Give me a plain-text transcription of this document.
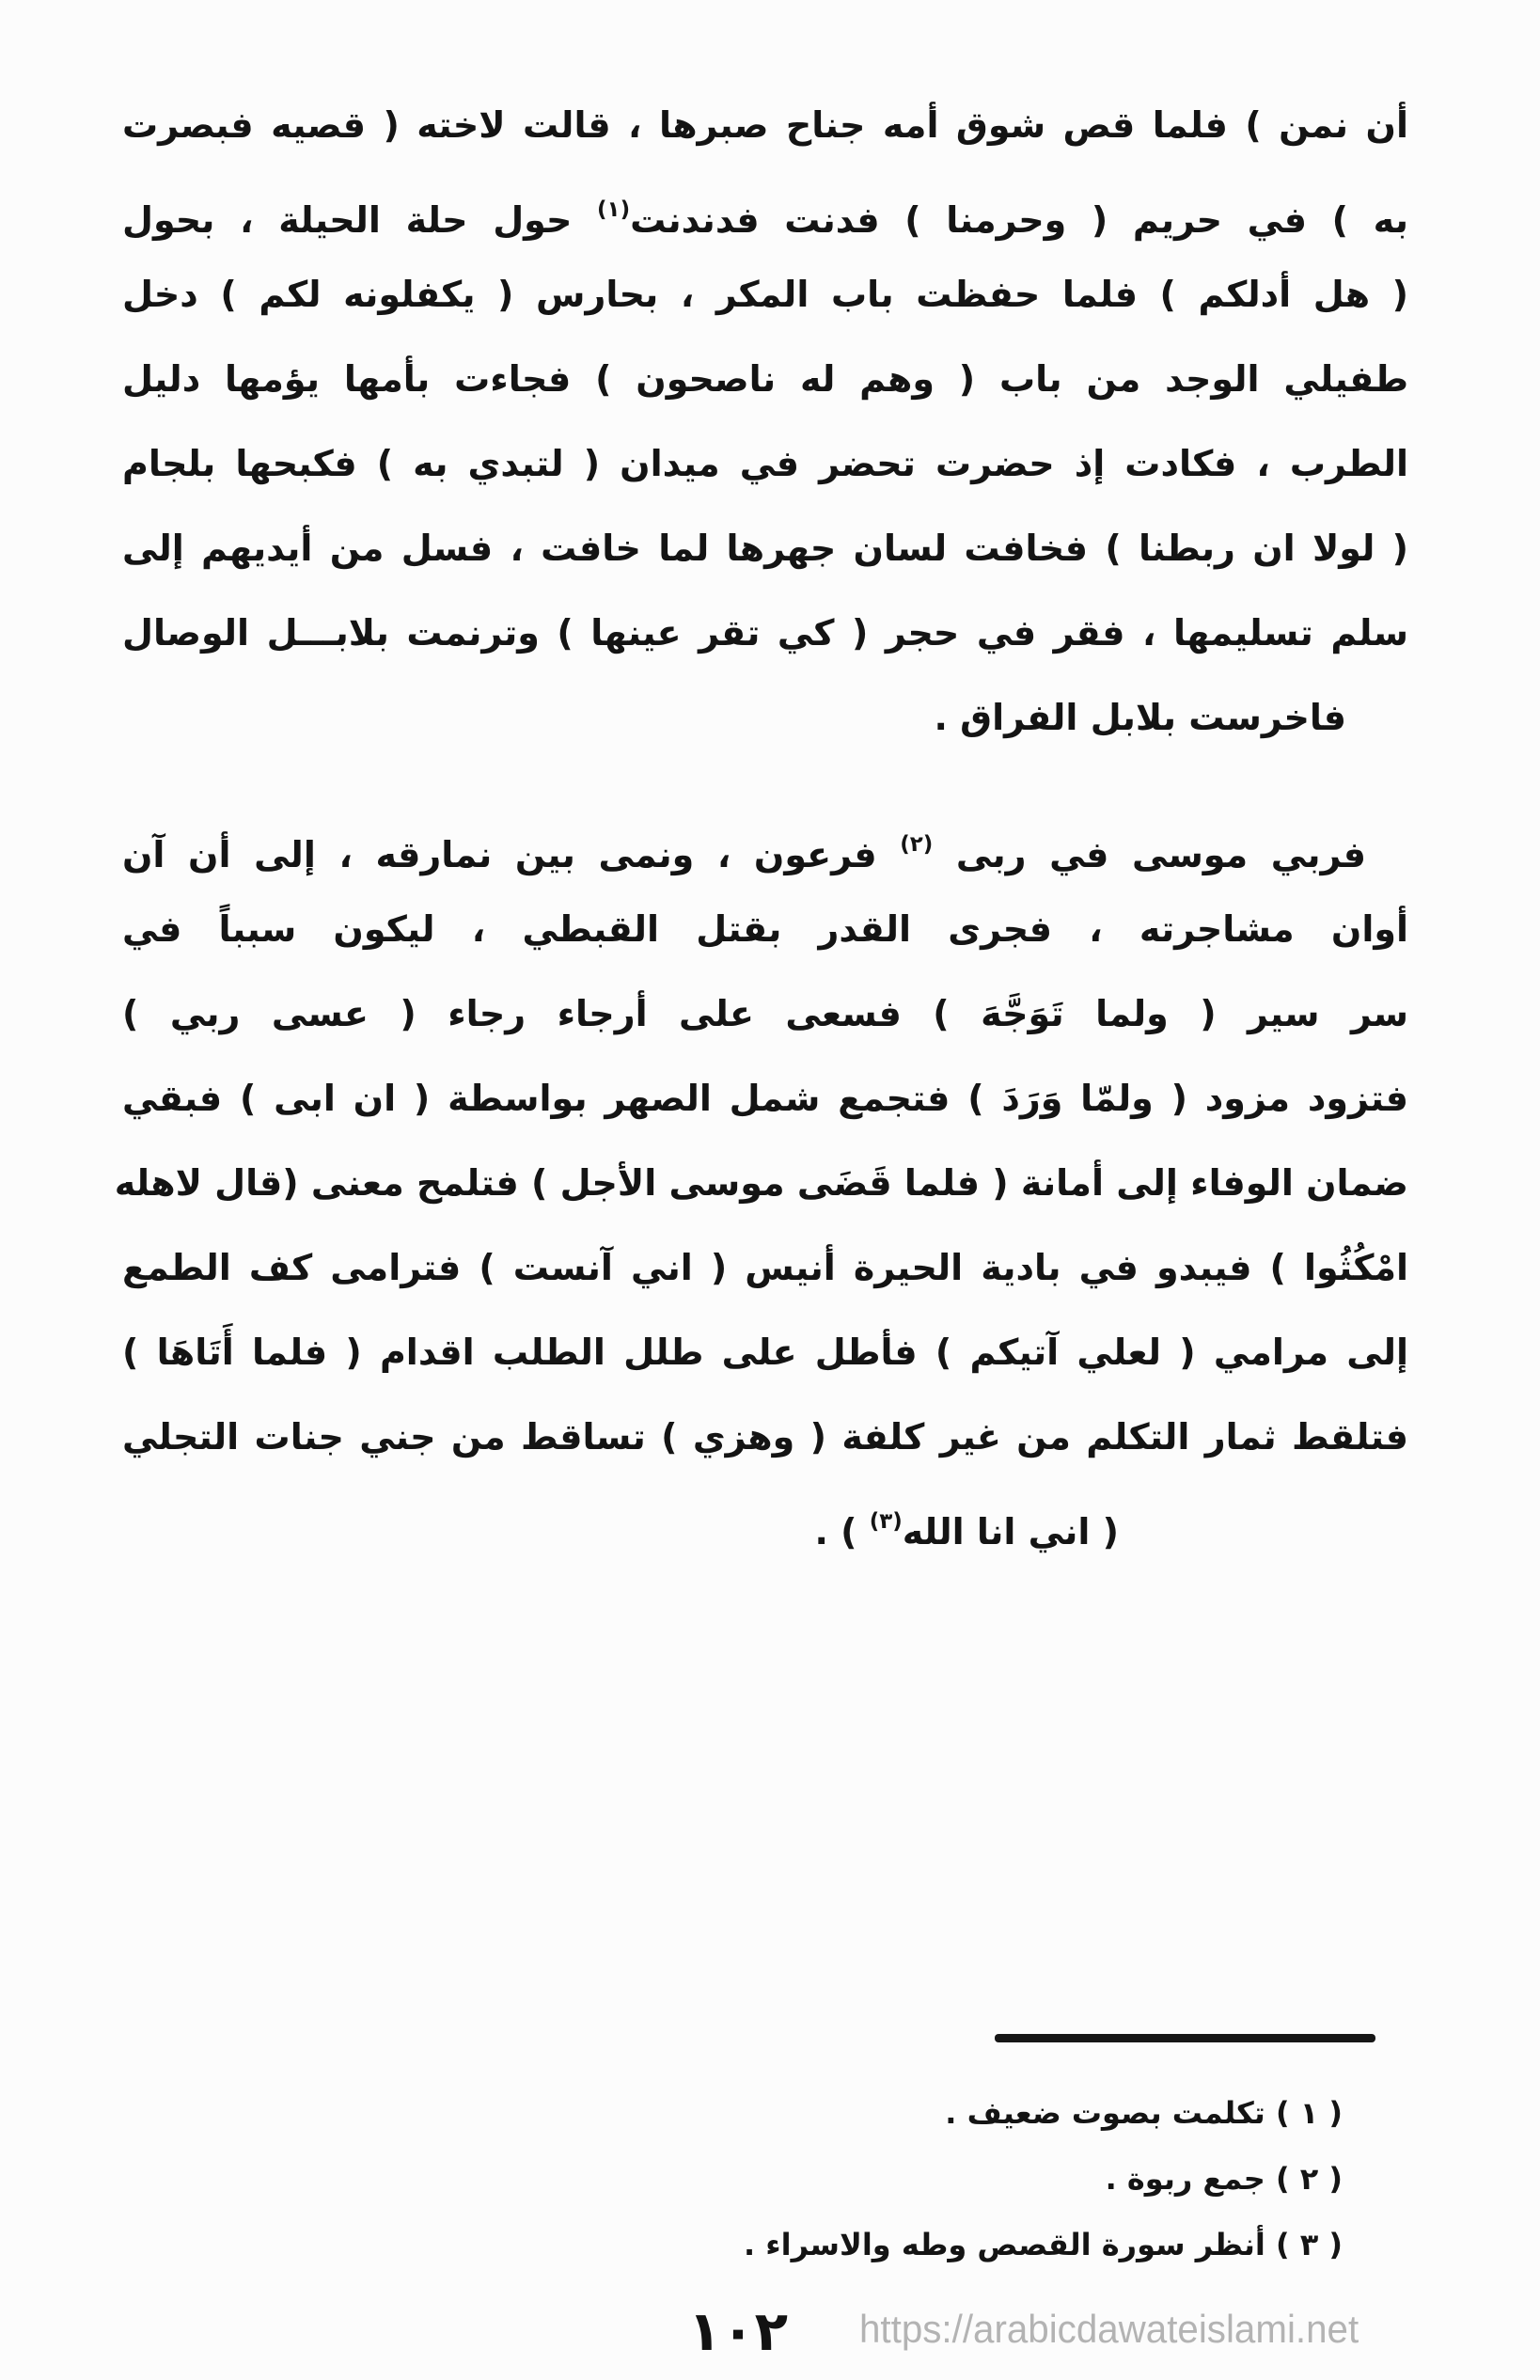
أن نمن ) فلما قص شوق أمه جناح صبرها ، قالت لاخته ( قصيه فبصرت
به ) في حريم ( وحرمنا ) فدنت فدندنت$^{(١)}$ حول حلة الحيلة ، بحول
( هل أدلكم ) فلما حفظت باب المكر ، بحارس ( يكفلونه لكم ) دخل
طفيلي الوجد من باب ( وهم له ناصحون ) فجاءت بأمها يؤمها دليل
الطرب ، فكادت إذ حضرت تحضر في ميدان ( لتبدي به ) فكبحها بلجام
( لولا ان ربطنا ) فخافت لسان جهرها لما خافت ، فسل من أيديهم إلى
سلم تسليمها ، فقر في حجر ( كي تقر عينها ) وترنمت بلابـــل الوصال
فاخرست بلابل الفراق .
فربي موسى في ربى $^{(٢)}$ فرعون ، ونمى بين نمارقه ، إلى أن آن
أوان مشاجرته ، فجرى القدر بقتل القبطي ، ليكون سبباً في
سر سير ( ولما تَوَجَّهَ ) فسعى على أرجاء رجاء ( عسى ربي )
فتزود مزود ( ولمّا وَرَدَ ) فتجمع شمل الصهر بواسطة ( ان ابى ) فبقي
ضمان الوفاء إلى أمانة ( فلما قَضَى موسى الأجل ) فتلمح معنى (قال لاهله
امْكُثُوا ) فيبدو في بادية الحيرة أنيس ( اني آنست ) فترامى كف الطمع
إلى مرامي ( لعلي آتيكم ) فأطل على طلل الطلب اقدام ( فلما أَتَاهَا )
فتلقط ثمار التكلم من غير كلفة ( وهزي ) تساقط من جني جنات التجلي
( اني انا الله$^{(٣)}$ ) .
( ١ ) تكلمت بصوت ضعيف .
( ٢ ) جمع ربوة .
( ٣ ) أنظر سورة القصص وطه والاسراء .
١٠٢ https://arabicdawateislami.net
